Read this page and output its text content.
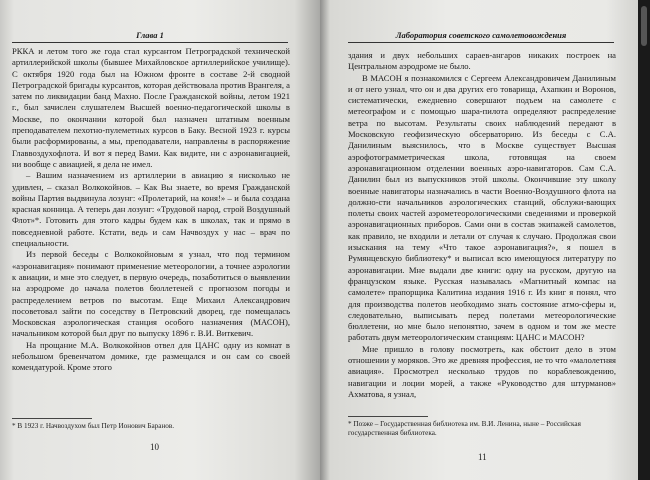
Глава 1

РККА и летом того же года стал курсантом Петроградской технической артиллерийской школы (бывшее Михайловское артиллерийское училище). С октября 1920 года был на Южном фронте в составе 2-й сводной Петроградской бригады курсантов, которая действовала против Врангеля, а затем по ликвидации банд Махно. После Гражданской войны, летом 1921 г., был зачислен слушателем Высшей военно-педагогической школы в Москве, по окончании которой был назначен штатным военным преподавателем пехотно-пулеметных курсов в Баку. Весной 1923 г. курсы были расформированы, а мы, преподаватели, направлены в распоряжение Главвоздухофлота. И вот я перед Вами. Как видите, ни с аэронавигацией, ни вообще с авиацией, я дела не имел.

– Вашим назначением из артиллерии в авиацию я нисколько не удивлен, – сказал Волкокойнов. – Как Вы знаете, во время Гражданской войны Партия выдвинула лозунг: «Пролетарий, на коня!» – и была создана красная конница. А теперь дан лозунг: «Трудовой народ, строй Воздушный Флот»*. Готовить для этого кадры будем как в школах, так и прямо в повседневной работе. Кстати, ведь и сам Начвоздух у нас – врач по специальности.

Из первой беседы с Волкокойновым я узнал, что под термином «аэронавигация» понимают применение метеорологии, а точнее аэрологии к авиации, и мне это следует, в первую очередь, позаботиться о выявлении на аэродроме до начала полетов бюллетеней с прогнозом погоды и распределением ветров по высотам. Еще Михаил Александрович посоветовал зайти по соседству в Петровский дворец, где помещалась Московская аэрологическая станция особого назначения (МАСОН), начальником которой был друг по выпуску 1896 г. В.И. Виткевич.

На прощание М.А. Волкокойнов отвел для ЦАНС одну из комнат в небольшом бревенчатом домике, где размещался и он сам со своей комендатурой. Кроме этого

* В 1923 г. Начвоздухом был Петр Ионович Баранов.
10
Лаборатория советского самолетовождения

здания и двух небольших сараев-ангаров никаких построек на Центральном аэродроме не было.

В МАСОН я познакомился с Сергеем Александровичем Данилиным и от него узнал, что он и два других его товарища, Ахапкин и Воронов, систематически, ежедневно совершают подъем на самолете с метеографом и с помощью шара-пилота определяют распределение ветра по высотам. Результаты своих наблюдений передают в Московскую геофизическую обсерваторию. Из беседы с С.А. Данилиным выяснилось, что в Москве существует Высшая аэрофотограмметрическая школа, готовящая на своем аэронавигационном отделении военных аэро-навигаторов. Сам С.А. Данилин был из выпускников этой школы. Окончившие эту школу военные навигаторы назначались в части Военно-Воздушного флота на должно-сти начальников аэрологических станций, обслужи-вающих полеты своих частей аэрометеорологическими сведениями и проверкой аэронавигационных приборов. Сами они в состав экипажей самолетов, как правило, не входили и летали от случая к случаю. Продолжая свои изыскания на тему «Что такое аэронавигация?», я пошел в Румянцевскую библиотеку* и выписал всю имеющуюся литературу по аэронавигации. Мне выдали две книги: одну на русском, другую на французском языке. Русская называлась «Магнитный компас на самолете» прапорщика Калитина издания 1916 г. Из книг я понял, что для производства полетов необходимо знать состояние атмо-сферы и, следовательно, выписывать перед полетами метеорологические бюллетени, но мне было непонятно, зачем в одном и том же месте работать двум метеорологическим станциям: ЦАНС и МАСОН?

Мне пришло в голову посмотреть, как обстоит дело в этом отношении у моряков. Это же древняя профессия, не то что «малолетняя авиация». Просмотрел несколько трудов по кораблевождению, навигации и лоции морей, а также «Руководство для штурманов» Ахматова, я узнал,

* Позже – Государственная библиотека им. В.И. Ленина, ныне – Российская государственная библиотека.
11
